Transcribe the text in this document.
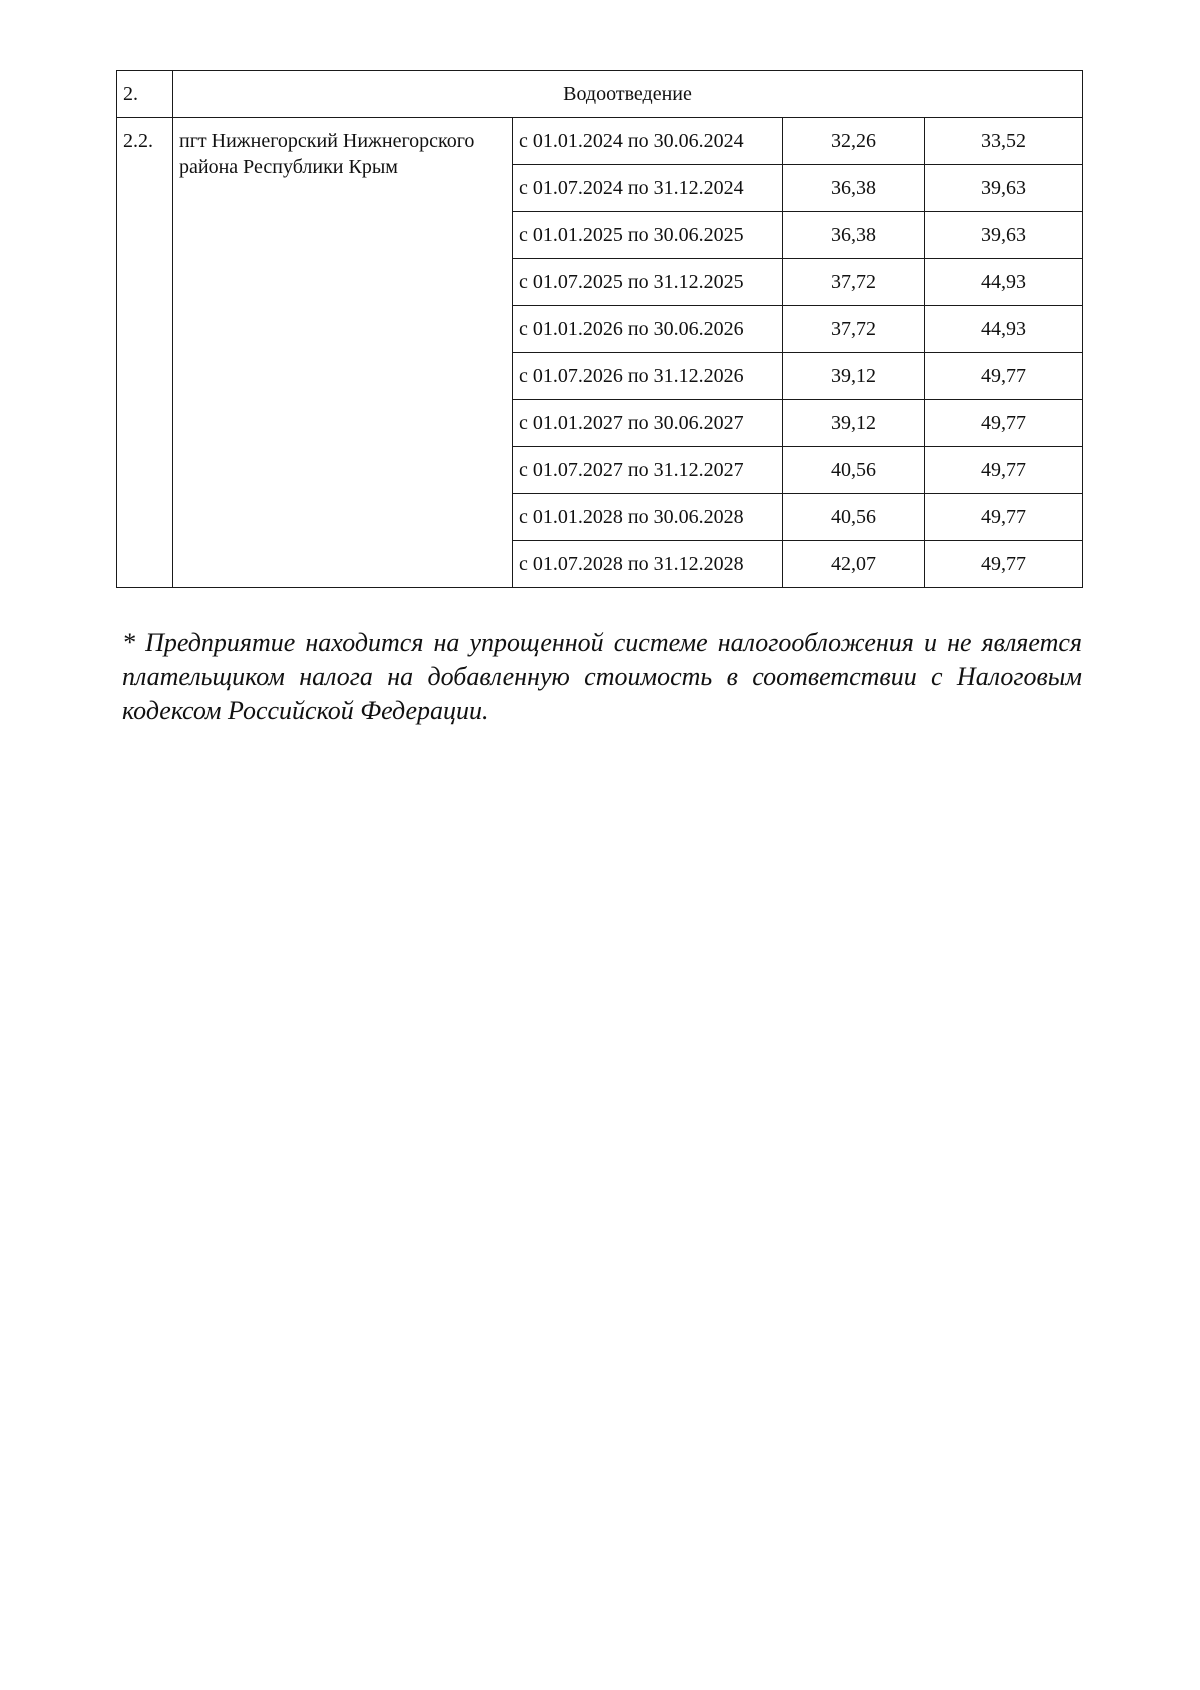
2.	Водоотведение			
2.2.	пгт Нижнегорский Нижнегорского района Республики Крым	с 01.01.2024 по 30.06.2024	32,26	33,52
		с 01.07.2024 по 31.12.2024	36,38	39,63
		с 01.01.2025 по 30.06.2025	36,38	39,63
		с 01.07.2025 по 31.12.2025	37,72	44,93
		с 01.01.2026 по 30.06.2026	37,72	44,93
		с 01.07.2026 по 31.12.2026	39,12	49,77
		с 01.01.2027 по 30.06.2027	39,12	49,77
		с 01.07.2027 по 31.12.2027	40,56	49,77
		с 01.01.2028 по 30.06.2028	40,56	49,77
		с 01.07.2028 по 31.12.2028	42,07	49,77

* Предприятие находится на упрощенной системе налогообложения и не является плательщиком налога на добавленную стоимость в соответствии с Налоговым кодексом Российской Федерации.
